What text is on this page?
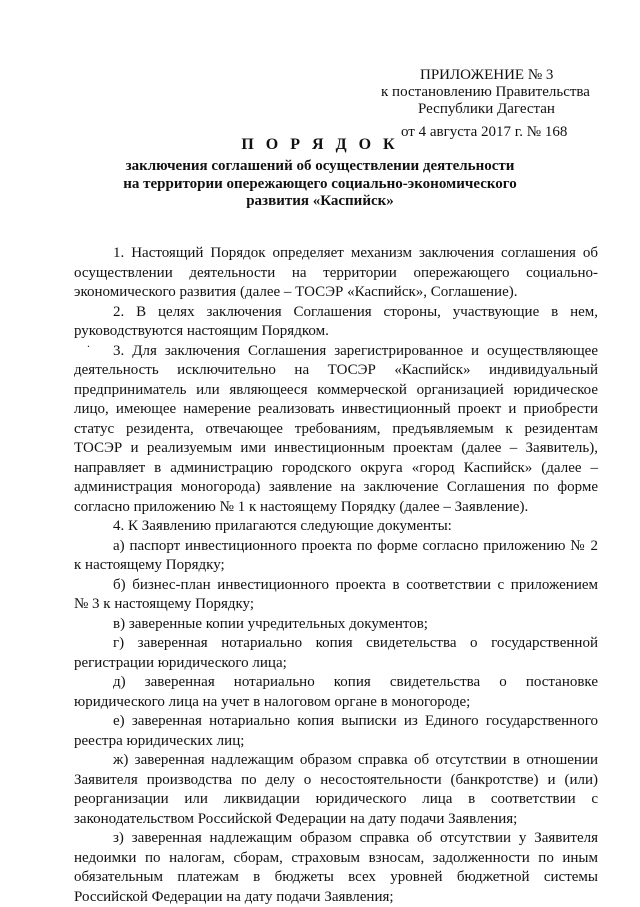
ПРИЛОЖЕНИЕ № 3
к постановлению Правительства
Республики Дагестан
от 4 августа 2017 г. № 168
П О Р Я Д О К
заключения соглашений об осуществлении деятельности
на территории опережающего социально-экономического
развития «Каспийск»
.
1. Настоящий Порядок определяет механизм заключения соглашения об
осуществлении деятельности на территории опережающего социально-
экономического развития (далее – ТОСЭР «Каспийск», Соглашение).
2. В целях заключения Соглашения стороны, участвующие в нем,
руководствуются настоящим Порядком.
3. Для заключения Соглашения зарегистрированное и осуществляющее
деятельность исключительно на ТОСЭР «Каспийск» индивидуальный
предприниматель или являющееся коммерческой организацией юридическое
лицо, имеющее намерение реализовать инвестиционный проект и приобрести
статус резидента, отвечающее требованиям, предъявляемым к резидентам
ТОСЭР и реализуемым ими инвестиционным проектам (далее – Заявитель),
направляет в администрацию городского округа «город Каспийск» (далее –
администрация моногорода) заявление на заключение Соглашения по форме
согласно приложению № 1 к настоящему Порядку (далее – Заявление).
4. К Заявлению прилагаются следующие документы:
а) паспорт инвестиционного проекта по форме согласно приложению № 2
к настоящему Порядку;
б) бизнес-план инвестиционного проекта в соответствии с приложением
№ 3 к настоящему Порядку;
в) заверенные копии учредительных документов;
г) заверенная нотариально копия свидетельства о государственной
регистрации юридического лица;
д) заверенная нотариально копия свидетельства о постановке
юридического лица на учет в налоговом органе в моногороде;
е) заверенная нотариально копия выписки из Единого государственного
реестра юридических лиц;
ж) заверенная надлежащим образом справка об отсутствии в отношении
Заявителя производства по делу о несостоятельности (банкротстве) и (или)
реорганизации или ликвидации юридического лица в соответствии с
законодательством Российской Федерации на дату подачи Заявления;
з) заверенная надлежащим образом справка об отсутствии у Заявителя
недоимки по налогам, сборам, страховым взносам, задолженности по иным
обязательным платежам в бюджеты всех уровней бюджетной системы
Российской Федерации на дату подачи Заявления;
